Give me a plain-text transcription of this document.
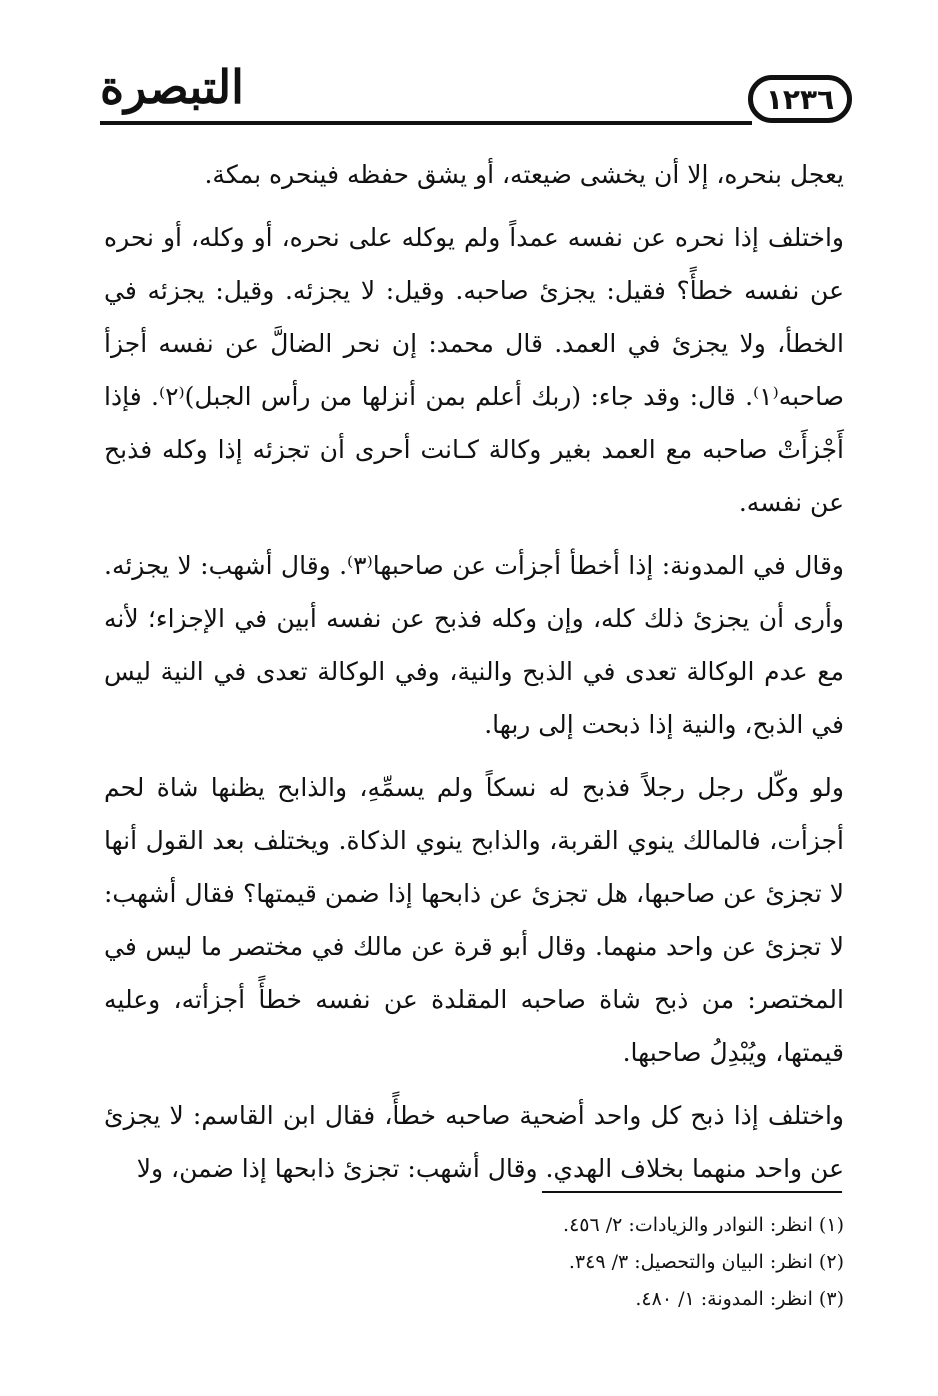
التبصرة	١٢٣٦

يعجل بنحره، إلا أن يخشى ضيعته، أو يشق حفظه فينحره بمكة.

واختلف إذا نحره عن نفسه عمداً ولم يوكله على نحره، أو وكله، أو نحره عن نفسه خطأً؟ فقيل: يجزئ صاحبه. وقيل: لا يجزئه. وقيل: يجزئه في الخطأ، ولا يجزئ في العمد. قال محمد: إن نحر الضالَّ عن نفسه أجزأ صاحبه⁽١⁾. قال: وقد جاء: (ربك أعلم بمن أنزلها من رأس الجبل)⁽٢⁾. فإذا أَجْزأَتْ صاحبه مع العمد بغير وكالة كـانت أحرى أن تجزئه إذا وكله فذبح عن نفسه.

وقال في المدونة: إذا أخطأ أجزأت عن صاحبها⁽٣⁾. وقال أشهب: لا يجزئه. وأرى أن يجزئ ذلك كله، وإن وكله فذبح عن نفسه أبين في الإجزاء؛ لأنه مع عدم الوكالة تعدى في الذبح والنية، وفي الوكالة تعدى في النية ليس في الذبح، والنية إذا ذبحت إلى ربها.

ولو وكّل رجل رجلاً فذبح له نسكاً ولم يسمِّهِ، والذابح يظنها شاة لحم أجزأت، فالمالك ينوي القربة، والذابح ينوي الذكاة. ويختلف بعد القول أنها لا تجزئ عن صاحبها، هل تجزئ عن ذابحها إذا ضمن قيمتها؟ فقال أشهب: لا تجزئ عن واحد منهما. وقال أبو قرة عن مالك في مختصر ما ليس في المختصر: من ذبح شاة صاحبه المقلدة عن نفسه خطأً أجزأته، وعليه قيمتها، ويُبْدِلُ صاحبها.

واختلف إذا ذبح كل واحد أضحية صاحبه خطأً، فقال ابن القاسم: لا يجزئ عن واحد منهما بخلاف الهدي. وقال أشهب: تجزئ ذابحها إذا ضمن، ولا

(١) انظر: النوادر والزيادات: ٢/ ٤٥٦.
(٢) انظر: البيان والتحصيل: ٣/ ٣٤٩.
(٣) انظر: المدونة: ١/ ٤٨٠.
